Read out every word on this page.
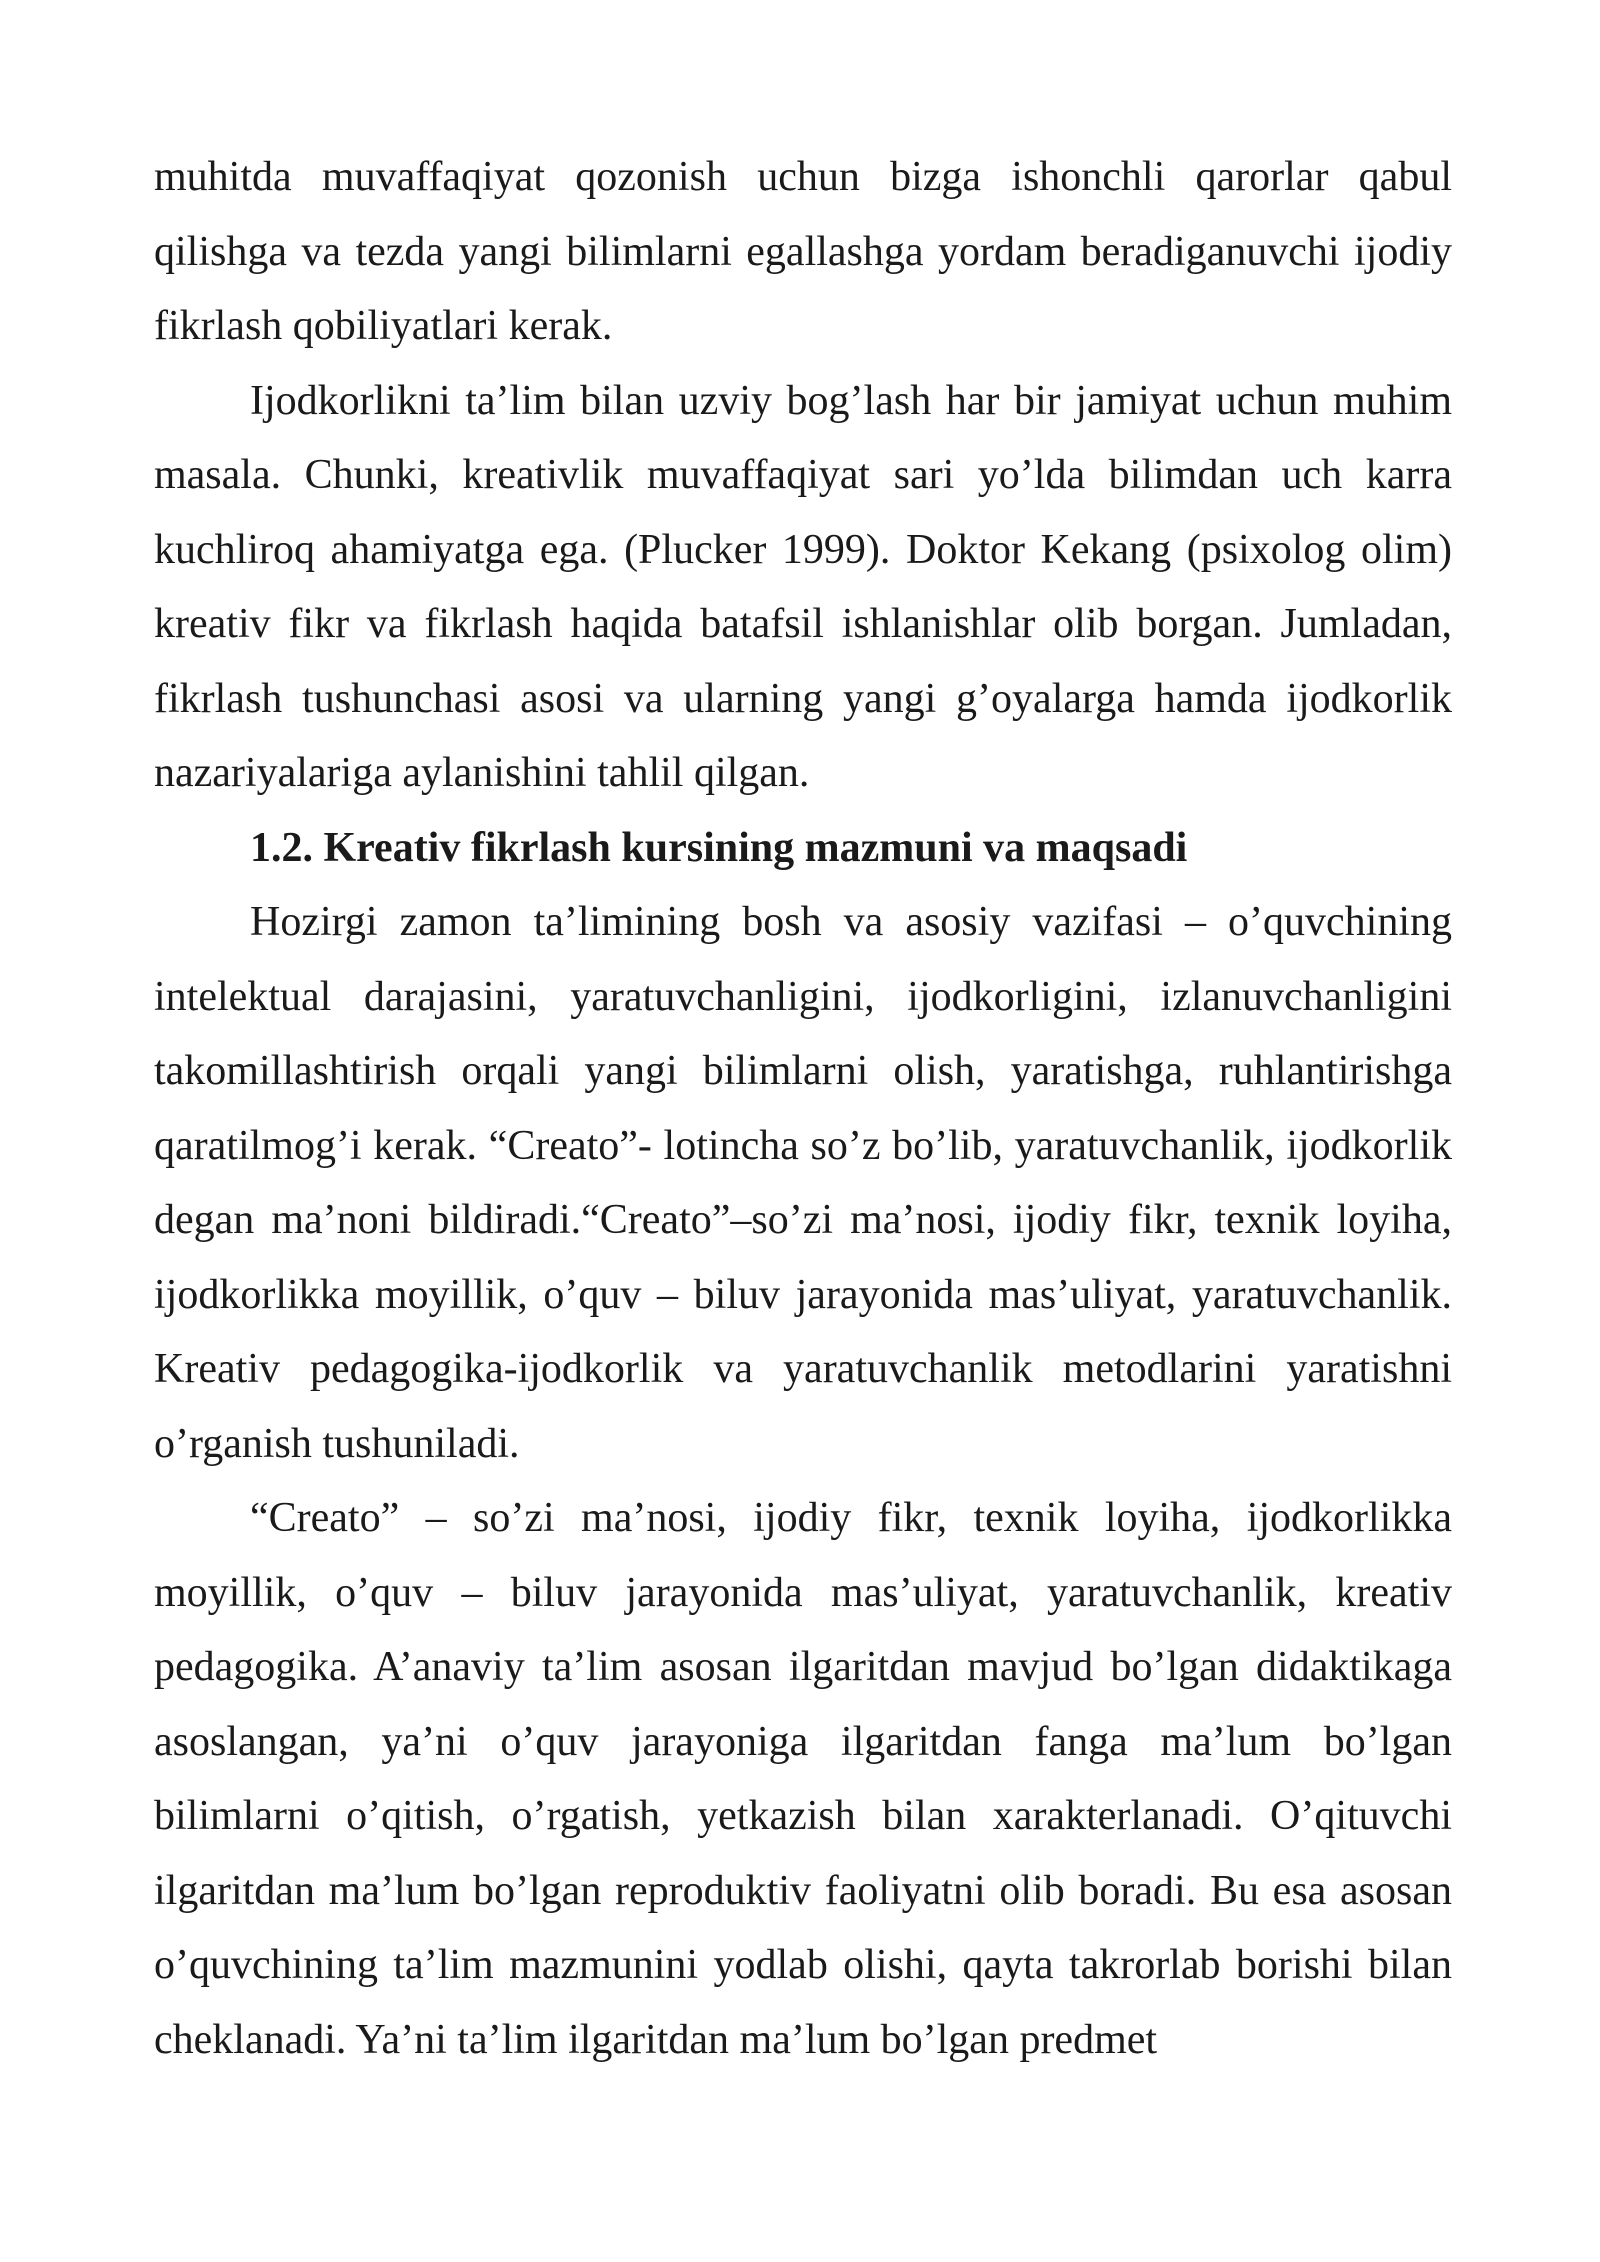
muhitda muvaffaqiyat qozonish uchun bizga ishonchli qarorlar qabul qilishga va tezda yangi bilimlarni egallashga yordam beradiganuvchi ijodiy fikrlash qobiliyatlari kerak.

Ijodkorlikni ta’lim bilan uzviy bog’lash har bir jamiyat uchun muhim masala. Chunki, kreativlik muvaffaqiyat sari yo’lda bilimdan uch karra kuchliroq ahamiyatga ega. (Plucker 1999). Doktor Kekang (psixolog olim) kreativ fikr va fikrlash haqida batafsil ishlanishlar olib borgan. Jumladan, fikrlash tushunchasi asosi va ularning yangi g’oyalarga hamda ijodkorlik nazariyalariga aylanishini tahlil qilgan.

1.2. Kreativ fikrlash kursining mazmuni va maqsadi

Hozirgi zamon ta’limining bosh va asosiy vazifasi – o’quvchining intelektual darajasini, yaratuvchanligini, ijodkorligini, izlanuvchanligini takomillashtirish orqali yangi bilimlarni olish, yaratishga, ruhlantirishga qaratilmog’i kerak. “Creato”- lotincha so’z bo’lib, yaratuvchanlik, ijodkorlik degan ma’noni bildiradi.“Creato”–so’zi ma’nosi, ijodiy fikr, texnik loyiha, ijodkorlikka moyillik, o’quv – biluv jarayonida mas’uliyat, yaratuvchanlik. Kreativ pedagogika-ijodkorlik va yaratuvchanlik metodlarini yaratishni o’rganish tushuniladi.

“Creato” – so’zi ma’nosi, ijodiy fikr, texnik loyiha, ijodkorlikka moyillik, o’quv – biluv jarayonida mas’uliyat, yaratuvchanlik, kreativ pedagogika. A’anaviy ta’lim asosan ilgaritdan mavjud bo’lgan didaktikaga asoslangan, ya’ni o’quv jarayoniga ilgaritdan fanga ma’lum bo’lgan bilimlarni o’qitish, o’rgatish, yetkazish bilan xarakterlanadi. O’qituvchi ilgaritdan ma’lum bo’lgan reproduktiv faoliyatni olib boradi. Bu esa asosan o’quvchining ta’lim mazmunini yodlab olishi, qayta takrorlab borishi bilan cheklanadi. Ya’ni ta’lim ilgaritdan ma’lum bo’lgan predmet
